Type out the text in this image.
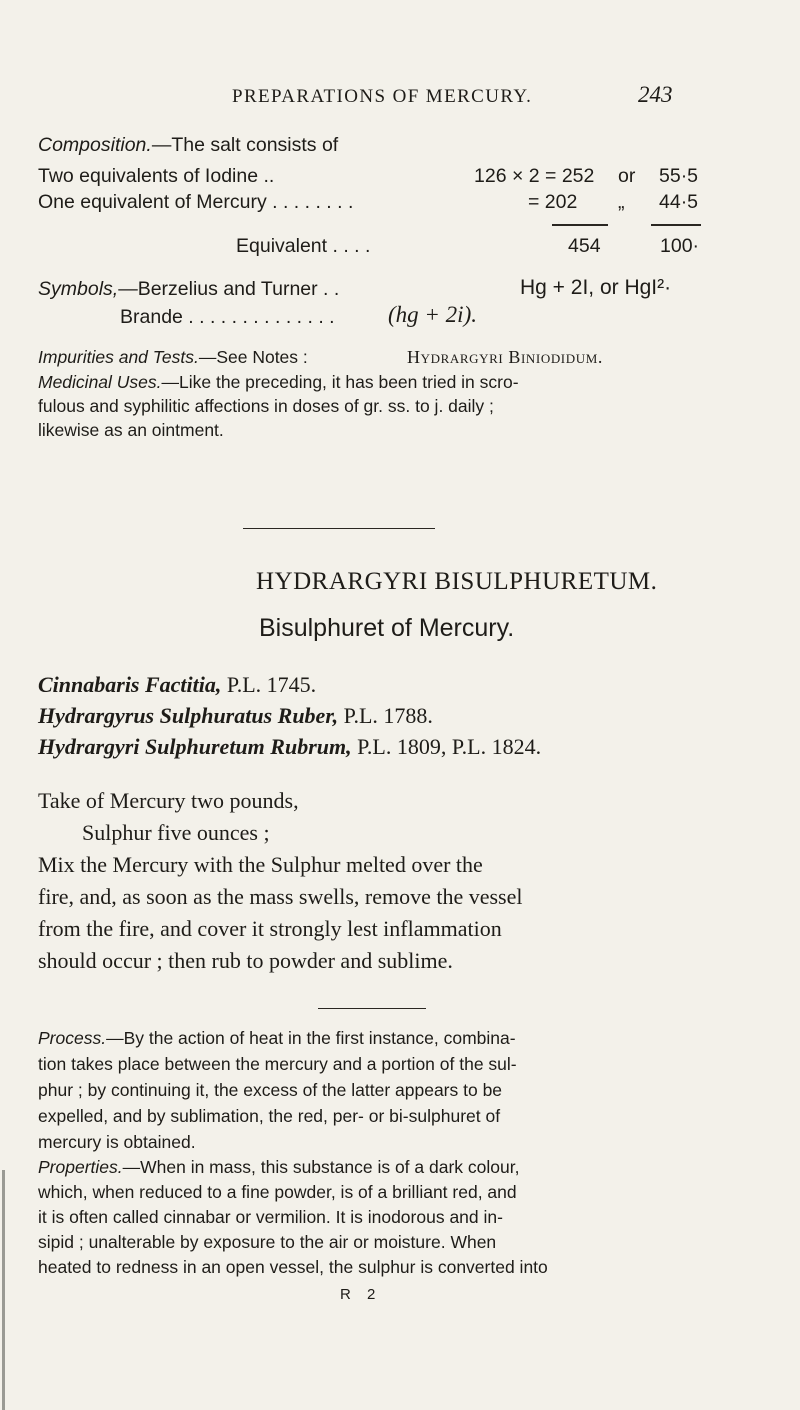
PREPARATIONS OF MERCURY.	243
Composition.—The salt consists of
Two equivalents of Iodine ..	126 × 2 = 252 or 55·5
One equivalent of Mercury . . . . . . . .	= 202 „ 44·5
Equivalent . . . .	454	100·
Symbols,—Berzelius and Turner . .	Hg + 2I, or HgI²·
Brande . . . . . . . . . . . . . . (hg + 2i).
Impurities and Tests.—See Notes :	Hydrargyri Biniodidum.
Medicinal Uses.—Like the preceding, it has been tried in scro-
fulous and syphilitic affections in doses of gr. ss. to j. daily ;
likewise as an ointment.
HYDRARGYRI BISULPHURETUM.
Bisulphuret of Mercury.
Cinnabaris Factitia, P.L. 1745.
Hydrargyrus Sulphuratus Ruber, P.L. 1788.
Hydrargyri Sulphuretum Rubrum, P.L. 1809, P.L. 1824.
Take of Mercury two pounds,
Sulphur five ounces ;
Mix the Mercury with the Sulphur melted over the
fire, and, as soon as the mass swells, remove the vessel
from the fire, and cover it strongly lest inflammation
should occur ; then rub to powder and sublime.
Process.—By the action of heat in the first instance, combina-
tion takes place between the mercury and a portion of the sul-
phur ; by continuing it, the excess of the latter appears to be
expelled, and by sublimation, the red, per- or bi-sulphuret of
mercury is obtained.
Properties.—When in mass, this substance is of a dark colour,
which, when reduced to a fine powder, is of a brilliant red, and
it is often called cinnabar or vermilion. It is inodorous and in-
sipid ; unalterable by exposure to the air or moisture. When
heated to redness in an open vessel, the sulphur is converted into
R 2
